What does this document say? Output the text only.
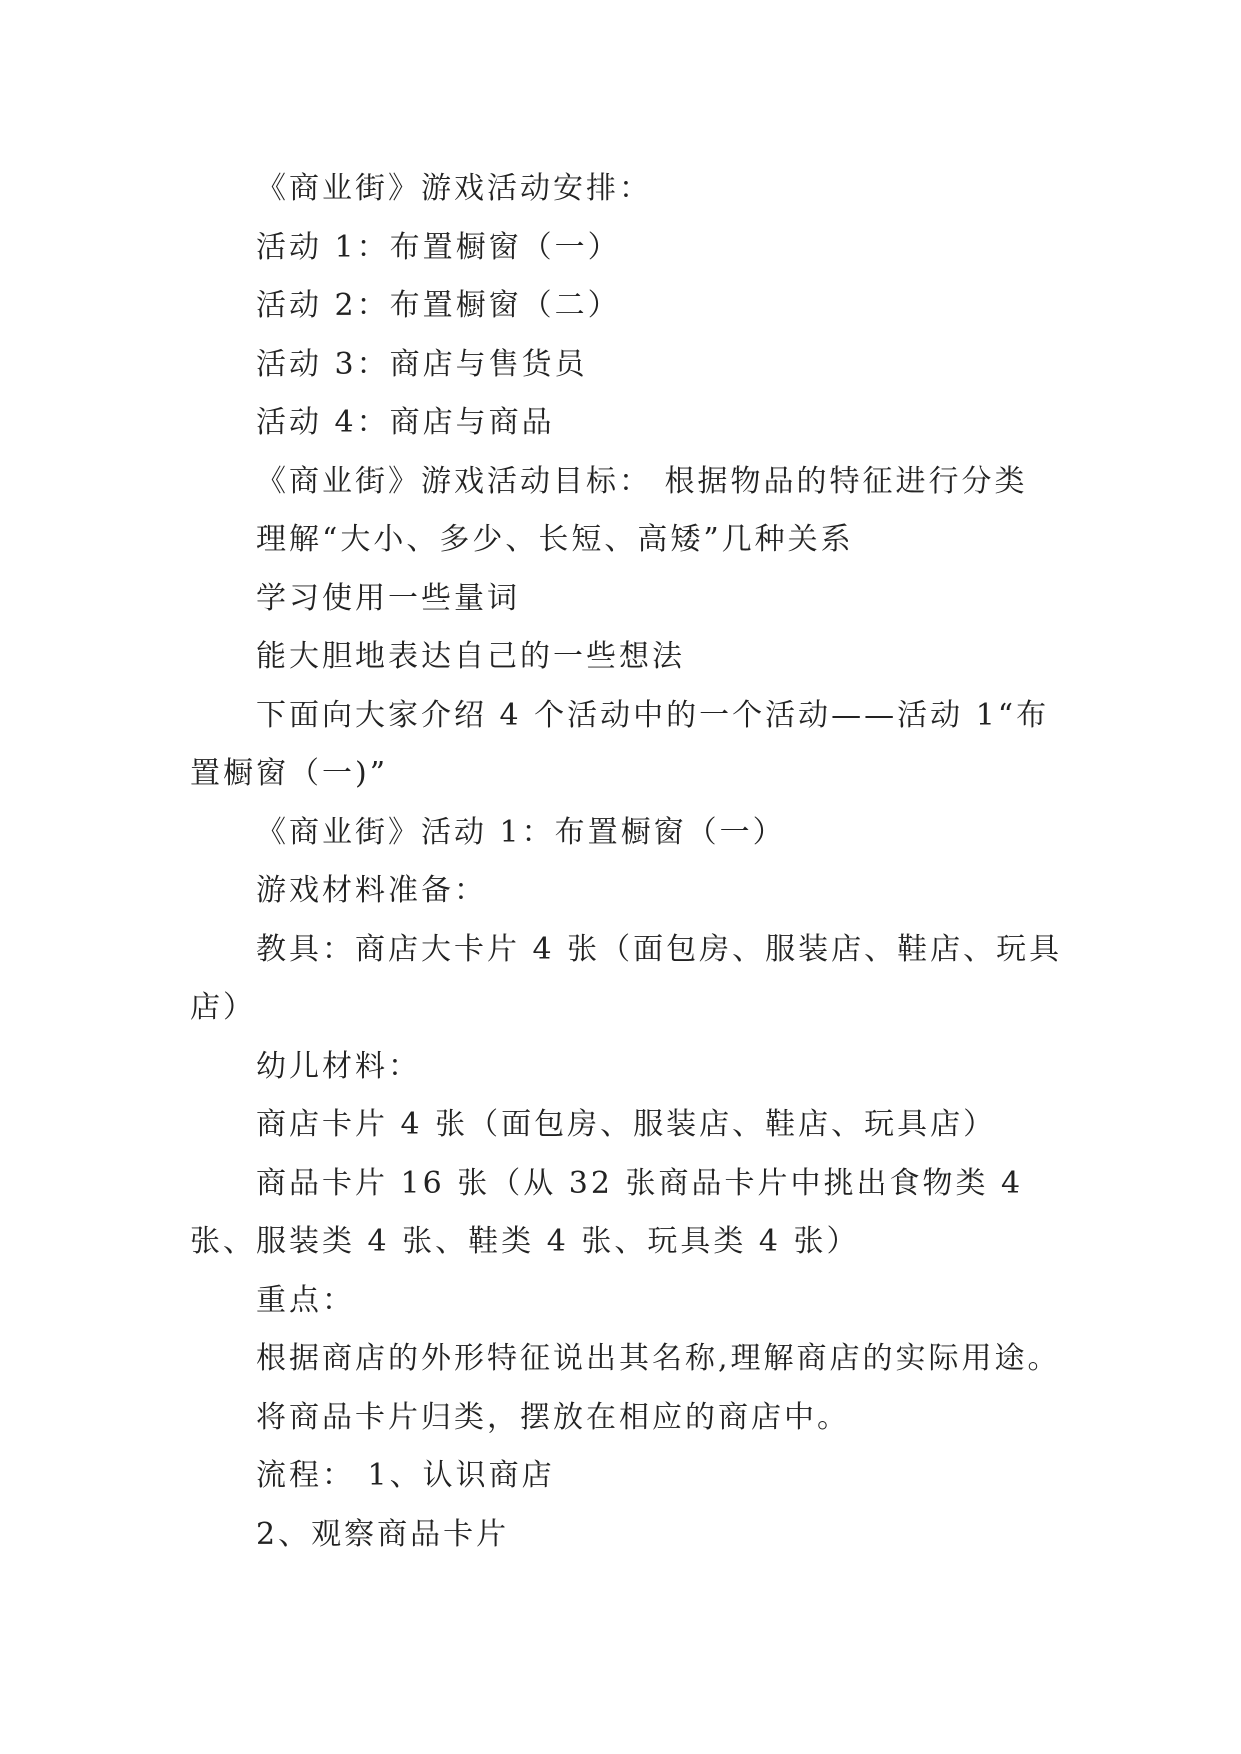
《商业街》游戏活动安排：

活动 1：布置橱窗（一）

活动 2：布置橱窗（二）

活动 3：商店与售货员

活动 4：商店与商品

《商业街》游戏活动目标： 根据物品的特征进行分类

理解“大小、多少、长短、高矮”几种关系

学习使用一些量词

能大胆地表达自己的一些想法

下面向大家介绍 4 个活动中的一个活动——活动 1“布置橱窗（一)”

《商业街》活动 1：布置橱窗（一）

游戏材料准备：

教具：商店大卡片 4 张（面包房、服装店、鞋店、玩具店）

幼儿材料：

商店卡片 4 张（面包房、服装店、鞋店、玩具店）

商品卡片 16 张（从 32 张商品卡片中挑出食物类 4 张、服装类 4 张、鞋类 4 张、玩具类 4 张）

重点：

根据商店的外形特征说出其名称,理解商店的实际用途。

将商品卡片归类，摆放在相应的商店中。

流程： 1、认识商店

2、观察商品卡片
